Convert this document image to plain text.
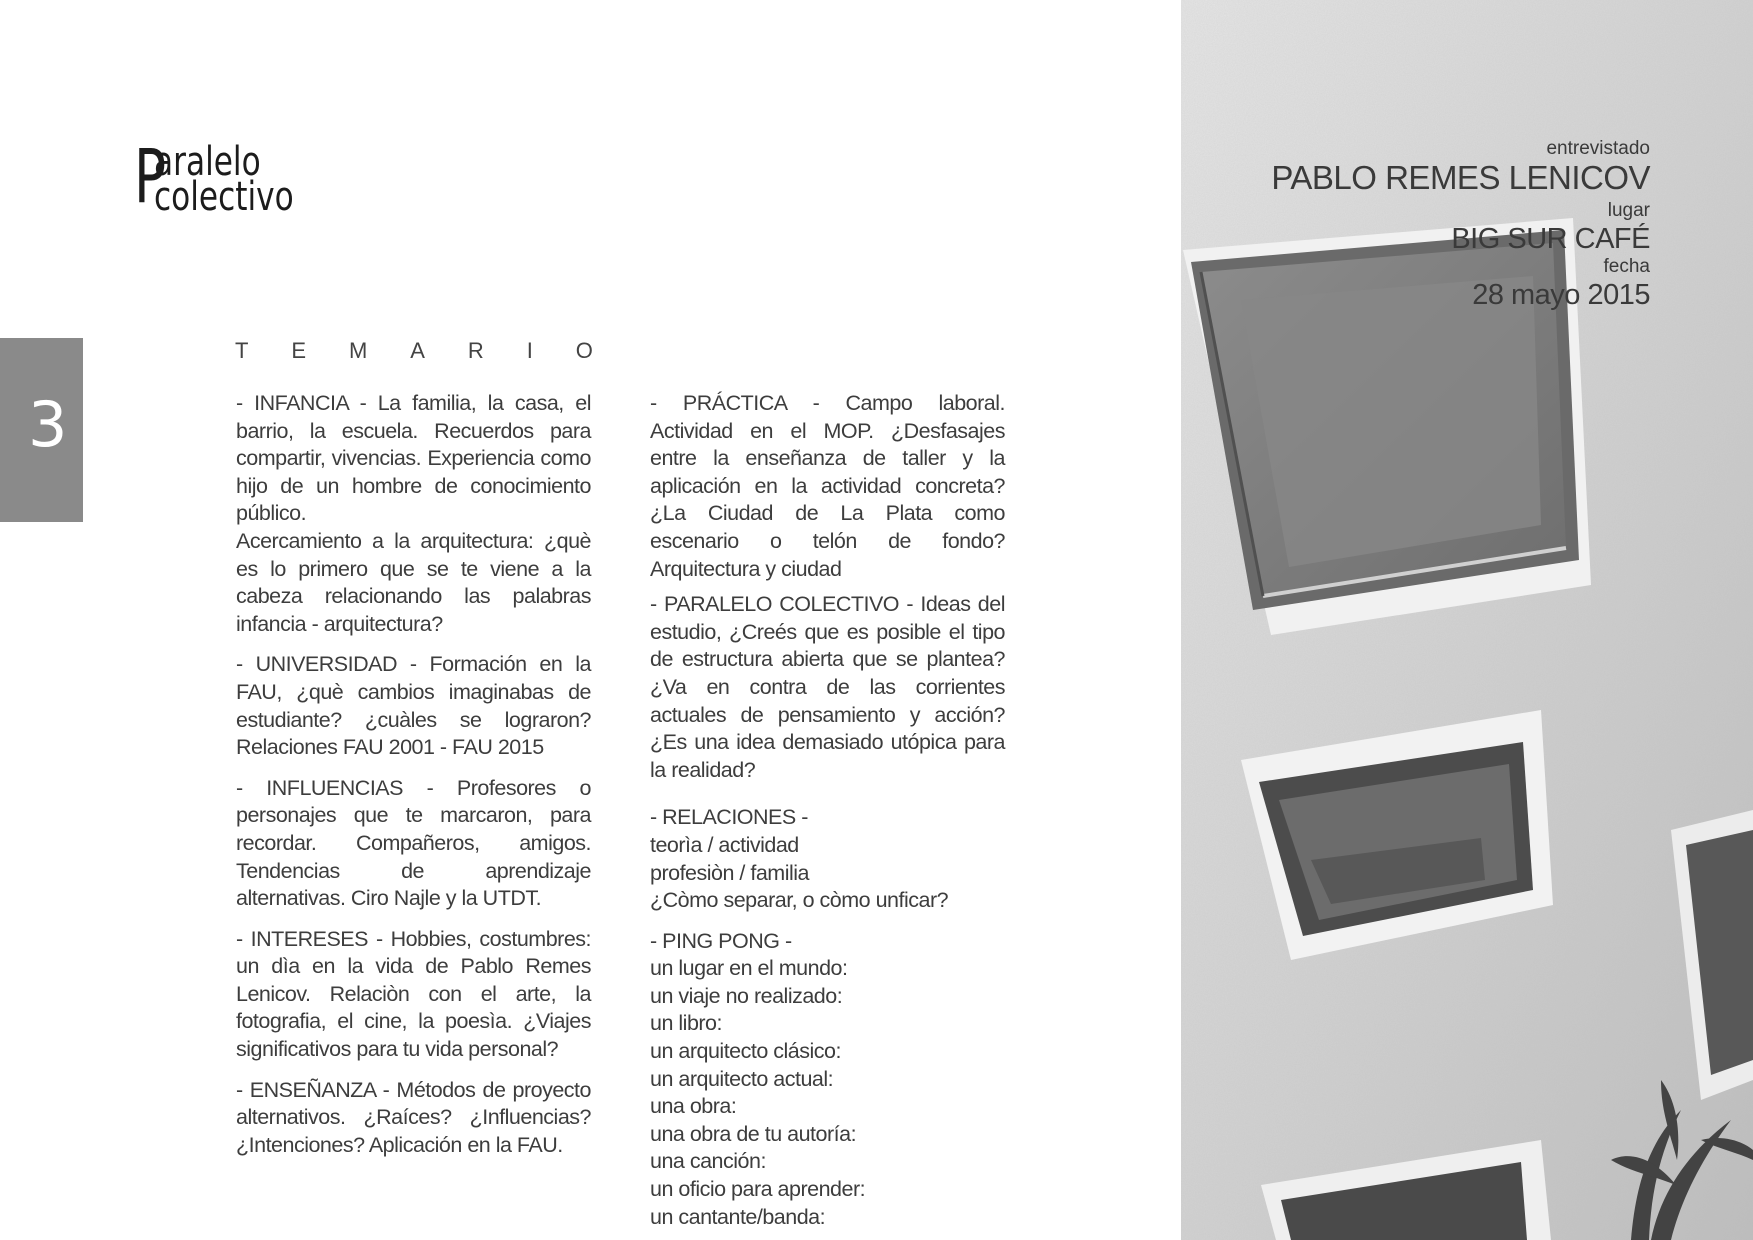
P
aralelo
colectivo
3
T E M A R I O

- INFANCIA - La familia, la casa, el barrio, la escuela. Recuerdos para compartir, vivencias. Experiencia como hijo de un hombre de conocimiento público.

Acercamiento a la arquitectura: ¿què es lo primero que se te viene a la cabeza relacionando las palabras infancia - arquitectura?

- UNIVERSIDAD - Formación en la FAU, ¿què cambios imaginabas de estudiante? ¿cuàles se lograron? Relaciones FAU 2001 - FAU 2015

- INFLUENCIAS - Profesores o personajes que te marcaron, para recordar. Compañeros, amigos. Tendencias de aprendizaje alternativas. Ciro Najle y la UTDT.

- INTERESES - Hobbies, costumbres: un dìa en la vida de Pablo Remes Lenicov. Relaciòn con el arte, la fotografia, el cine, la poesìa. ¿Viajes significativos para tu vida personal?

- ENSEÑANZA - Métodos de proyecto alternativos. ¿Raíces? ¿Influencias? ¿Intenciones? Aplicación en la FAU.

- PRÁCTICA - Campo laboral. Actividad en el MOP. ¿Desfasajes entre la enseñanza de taller y la aplicación en la actividad concreta? ¿La Ciudad de La Plata como escenario o telón de fondo? Arquitectura y ciudad

- PARALELO COLECTIVO - Ideas del estudio, ¿Creés que es posible el tipo de estructura abierta que se plantea? ¿Va en contra de las corrientes actuales de pensamiento y acción? ¿Es una idea demasiado utópica para la realidad?

- RELACIONES -
teorìa / actividad
profesiòn / familia
¿Còmo separar, o còmo unficar?
- PING PONG -
un lugar en el mundo:
un viaje no realizado:
un libro:
un arquitecto clásico:
un arquitecto actual:
una obra:
una obra de tu autoría:
una canción:
un oficio para aprender:
un cantante/banda:
entrevistado
PABLO REMES LENICOV
lugar
BIG SUR CAFÉ
fecha
28 mayo 2015
